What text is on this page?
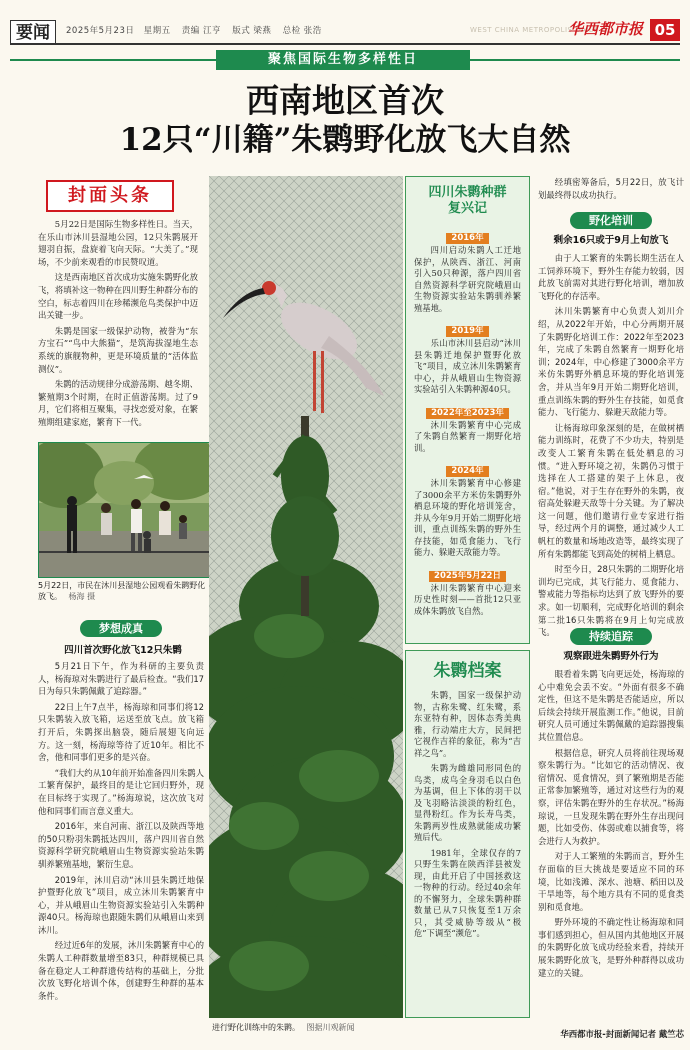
要闻	2025年5月23日 星期五 责编 江亨 版式 梁燕 总检 张浩	WEST CHINA METROPOLIS DAILY
华西都市报 05
聚焦国际生物多样性日
西南地区首次
12只“川籍”朱鹮野化放飞大自然
封面头条

5月22日是国际生物多样性日。当天，在乐山市沐川县湿地公园，12只朱鹮展开翅羽自振，盘旋着飞向天际。“大美了。”现场，不少前来观看的市民赞叹道。

这是西南地区首次成功实施朱鹮野化放飞，将填补这一物种在四川野生种群分布的空白，标志着四川在珍稀濒危鸟类保护中迈出关键一步。

朱鹮是国家一级保护动物，被誉为“东方宝石”“鸟中大熊猫”，是筑海拔湿地生态系统的旗舰物种，更是环境质量的“活体监测仪”。

朱鹮的活动规律分成游荡期、越冬期、繁殖期3个时期，在时正值游荡期。过了9月，它们将相互聚集，寻找恋爱对象，在繁殖期组建家庭，繁育下一代。

5月22日，市民在沐川县湿地公园观看朱鹮野化放飞。 杨海 摄
梦想成真
四川首次野化放飞12只朱鹮

5月21日下午，作为科研的主要负责人，杨海琼对朱鹮进行了最后检查。“我们17日为每只朱鹮佩戴了追踪器。”

22日上午7点半，杨海琼和同事们将12只朱鹮装入放飞箱，运送至放飞点。放飞箱打开后，朱鹮探出脑袋，随后展翅飞向远方。这一刻，杨海琼等待了近10年。相比不舍，他和同事们更多的是兴奋。

“我们大约从10年前开始准备四川朱鹮人工繁育保护，最终目的是让它回归野外，现在目标终于实现了。”杨海琼说，这次放飞对他和同事们而言意义重大。

2016年，来自河南、浙江以及陕西等地的50只粉羽朱鹮抵达四川，落户四川省自然资源科学研究院峨眉山生物资源实验站朱鹮驯养繁殖基地，繁衍生息。

2019年，沐川启动“沐川县朱鹮迁地保护暨野化放飞”项目，成立沐川朱鹮繁育中心，并从峨眉山生物资源实验站引入朱鹮种源40只。杨海琼也跟随朱鹮们从峨眉山来到沐川。

经过近6年的发展，沐川朱鹮繁育中心的朱鹮人工种群数量增至83只，种群规模已具备在稳定人工种群遗传结构的基础上，分批次放飞野化培训个体，创建野生种群的基本条件。

进行野化训练中的朱鹮。 图据川观新闻
四川朱鹮种群
复兴记
2016年

四川启动朱鹮人工迁地保护，从陕西、浙江、河南引入50只种源，落户四川省自然资源科学研究院峨眉山生物资源实验站朱鹮驯养繁殖基地。

2019年

乐山市沐川县启动“沐川县朱鹮迁地保护暨野化放飞”项目，成立沐川朱鹮繁育中心，并从峨眉山生物资源实验站引入朱鹮种源40只。

2022年至2023年

沐川朱鹮繁育中心完成了朱鹮自然繁育一期野化培训。

2024年

沐川朱鹮繁育中心修建了3000余平方米仿朱鹮野外栖息环境的野化培训笼舍，并从今年9月开始二期野化培训，重点训练朱鹮的野外生存技能，如觅食能力、飞行能力、躲避天敌能力等。

2025年5月22日

沐川朱鹮繁育中心迎来历史性时刻——首批12只亚成体朱鹮放飞自然。

朱鹮档案

朱鹮，国家一级保护动物，古称朱鹭、红朱鹭，系东亚特有种，因体态秀美典雅，行动端庄大方，民间把它视作吉祥的象征，称为“吉祥之鸟”。

朱鹮为雌雄同形同色的鸟类，成鸟全身羽毛以白色为基调，但上下体的羽干以及飞羽略沾淡淡的粉红色，显得粉红。作为长寿鸟类，朱鹮两岁性成熟就能成功繁殖后代。

1981年，全球仅存的7只野生朱鹮在陕西洋县被发现，由此开启了中国拯救这一物种的行动。经过40余年的不懈努力，全球朱鹮种群数量已从7只恢复至1万余只，其受威胁等级从“极危”下调至“濒危”。

经填密筹备后，5月22日，放飞计划最终得以成功执行。

野化培训
剩余16只或于9月上旬放飞

由于人工繁育的朱鹮长期生活在人工饲养环境下，野外生存能力较弱，因此放飞前需对其进行野化培训，增加放飞野化的存活率。

沐川朱鹮繁育中心负责人刘川介绍，从2022年开始，中心分两期开展了朱鹮野化培训工作：2022年至2023年，完成了朱鹮自然繁育一期野化培训；2024年，中心修建了3000余平方米仿朱鹮野外栖息环境的野化培训笼舍，并从当年9月开始二期野化培训，重点训练朱鹮的野外生存技能，如觅食能力、飞行能力、躲避天敌能力等。

让杨海琼印象深刻的是，在做树栖能力训练时，花费了不少功夫，特别是改变人工繁育朱鹮在低处栖息的习惯。“进入野环境之初，朱鹮仍习惯于选择在人工搭建的架子上休息，夜宿。”他说，对于生存在野外的朱鹮，夜宿高处躲避天敌等十分关键。为了解决这一问题，他们邀请行业专家进行指导，经过两个月的调整，通过减少人工帆杠的数量和场地改造等，最终实现了所有朱鹮都能飞到高处的树梢上栖息。

时至今日，28只朱鹮的二期野化培训均已完成，其飞行能力、觅食能力、警戒能力等指标均达到了放飞野外的要求。如一切顺利，完成野化培训的剩余第二批16只朱鹮将在9月上旬完成放飞。	持续追踪
观察跟进朱鹮野外行为

眼看着朱鹮飞向更远处，杨海琼的心中难免会丢不安。“外面有很多不确定性，但这不是朱鹮是否能适应，所以后续会持续开展监测工作。”他说，目前研究人员可通过朱鹮佩戴的追踪器搜集其位置信息。

根据信息，研究人员将前往现场观察朱鹮行为。“比如它的活动情况、夜宿情况、觅食情况，到了繁殖期是否能正常参加繁殖等，通过对这些行为的观察，评估朱鹮在野外的生存状况。”杨海琼说，一旦发现朱鹮在野外生存出现问题，比如受伤、体弱或难以捕食等，将会进行人为救护。

对于人工繁殖的朱鹮而言，野外生存面临的巨大挑战是要适应不同的环境，比如浅滩、深水、池塘、稻田以及干旱地等，每个地方具有不同的觅食类别和觅食地。

野外环境的不确定性让杨海琼和同事们感到担心，但从国内其他地区开展的朱鹮野化放飞成功经验来看，持续开展朱鹮野化放飞，是野外种群得以成功建立的关键。

华西都市报-封面新闻记者 戴竺芯
